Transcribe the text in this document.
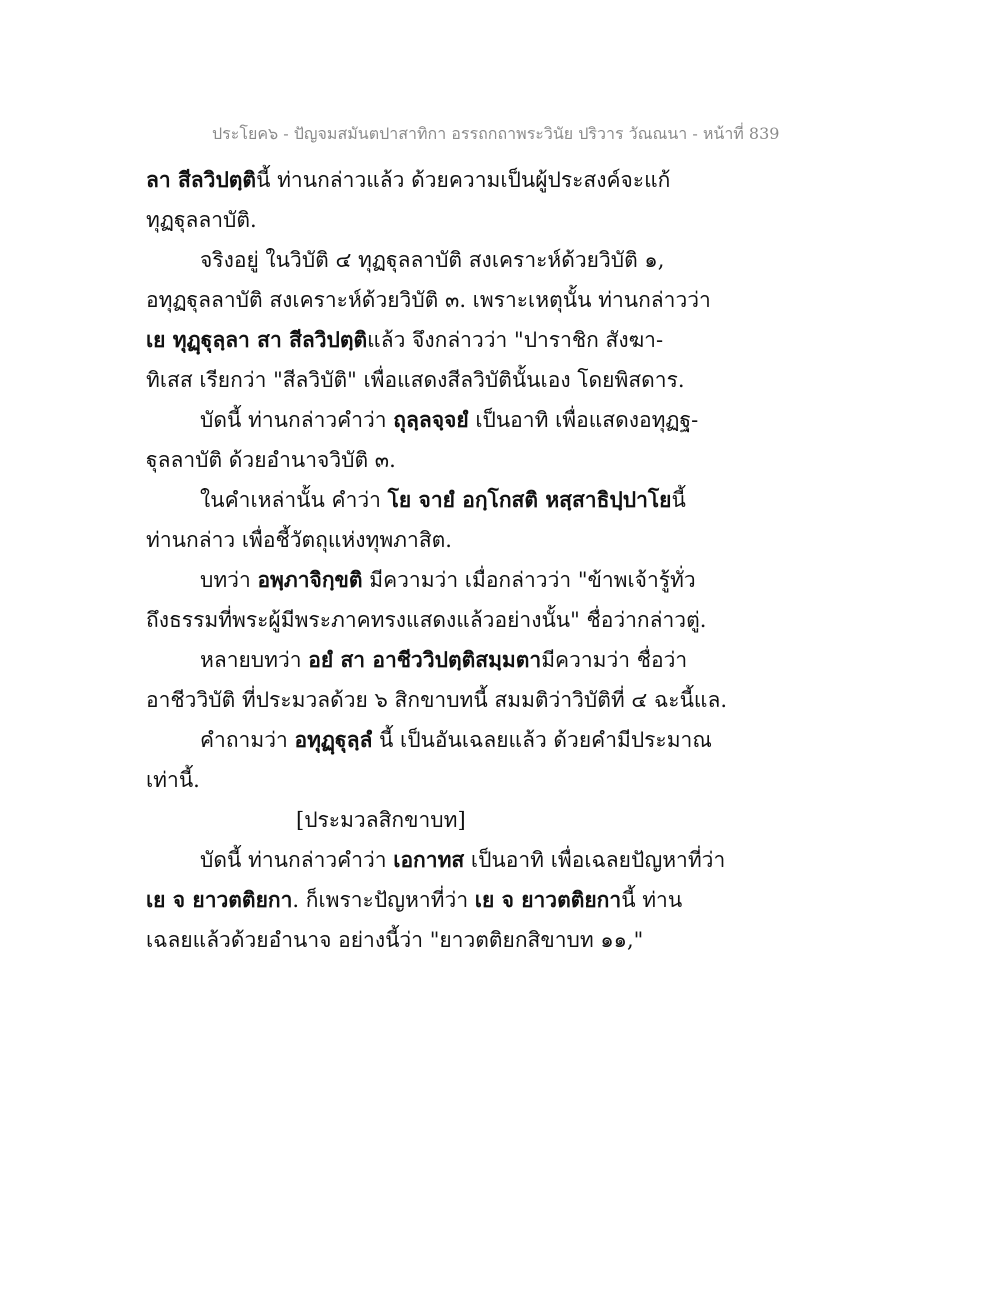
ประโยค๖ - ปัญจมสมันตปาสาทิกา อรรถกถาพระวินัย ปริวาร วัณณนา - หน้าที่ 839
ลา สีลวิปตฺตินี้ ท่านกล่าวแล้ว ด้วยความเป็นผู้ประสงค์จะแก้
ทุฏฐุลลาบัติ.
จริงอยู่ ในวิบัติ ๔ ทุฏฐุลลาบัติ สงเคราะห์ด้วยวิบัติ ๑,
อทุฏฐุลลาบัติ สงเคราะห์ด้วยวิบัติ ๓. เพราะเหตุนั้น ท่านกล่าวว่า
เย ทุฏฺฐุลฺลา สา สีลวิปตฺติแล้ว จึงกล่าวว่า "ปาราชิก สังฆา-
ทิเสส เรียกว่า "สีลวิบัติ" เพื่อแสดงสีลวิบัตินั้นเอง โดยพิสดาร.
บัดนี้ ท่านกล่าวคำว่า ถุลฺลจฺจยํ เป็นอาทิ เพื่อแสดงอทุฏฐ-
ฐุลลาบัติ ด้วยอำนาจวิบัติ ๓.
ในคำเหล่านั้น คำว่า โย จายํ อกฺโกสติ หสฺสาธิปฺปาโยนี้
ท่านกล่าว เพื่อชี้วัตถุแห่งทุพภาสิต.
บทว่า อพฺภาจิกฺขติ มีความว่า เมื่อกล่าวว่า "ข้าพเจ้ารู้ทั่ว
ถึงธรรมที่พระผู้มีพระภาคทรงแสดงแล้วอย่างนั้น" ชื่อว่ากล่าวตู่.
หลายบทว่า อยํ สา อาชีววิปตฺติสมฺมตามีความว่า ชื่อว่า
อาชีววิบัติ ที่ประมวลด้วย ๖ สิกขาบทนี้ สมมติว่าวิบัติที่ ๔ ฉะนี้แล.
คำถามว่า อทุฏฺฐุลฺลํ นี้ เป็นอันเฉลยแล้ว ด้วยคำมีประมาณ
เท่านี้.
[ประมวลสิกขาบท]
บัดนี้ ท่านกล่าวคำว่า เอกาทส เป็นอาทิ เพื่อเฉลยปัญหาที่ว่า
เย จ ยาวตติยกา. ก็เพราะปัญหาที่ว่า เย จ ยาวตติยกานี้ ท่าน
เฉลยแล้วด้วยอำนาจ อย่างนี้ว่า "ยาวตติยกสิขาบท ๑๑,"
